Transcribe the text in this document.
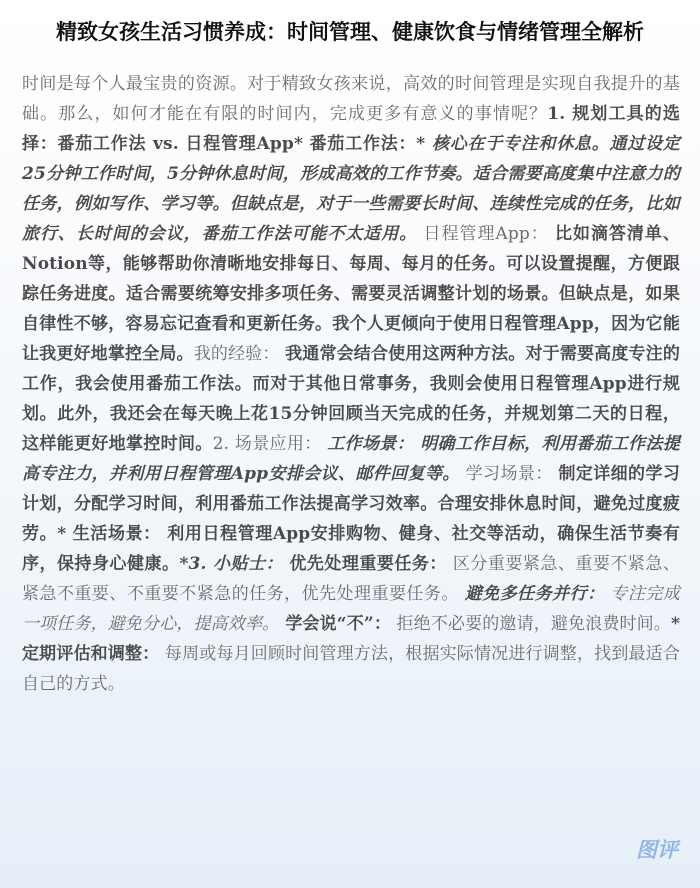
精致女孩生活习惯养成：时间管理、健康饮食与情绪管理全解析
时间是每个人最宝贵的资源。对于精致女孩来说，高效的时间管理是实现自我提升的基础。那么，如何才能在有限的时间内，完成更多有意义的事情呢？1. 规划工具的选择：番茄工作法 vs. 日程管理App* 番茄工作法：* 核心在于专注和休息。通过设定25分钟工作时间，5分钟休息时间，形成高效的工作节奏。适合需要高度集中注意力的任务，例如写作、学习等。但缺点是，对于一些需要长时间、连续性完成的任务，比如旅行、长时间的会议，番茄工作法可能不太适用。 日程管理App： 比如滴答清单、Notion等，能够帮助你清晰地安排每日、每周、每月的任务。可以设置提醒，方便跟踪任务进度。适合需要统筹安排多项任务、需要灵活调整计划的场景。但缺点是，如果自律性不够，容易忘记查看和更新任务。我个人更倾向于使用日程管理App，因为它能让我更好地掌控全局。我的经验： 我通常会结合使用这两种方法。对于需要高度专注的工作，我会使用番茄工作法。而对于其他日常事务，我则会使用日程管理App进行规划。此外，我还会在每天晚上花15分钟回顾当天完成的任务，并规划第二天的日程，这样能更好地掌控时间。2. 场景应用： 工作场景： 明确工作目标，利用番茄工作法提高专注力，并利用日程管理App安排会议、邮件回复等。 学习场景： 制定详细的学习计划，分配学习时间，利用番茄工作法提高学习效率。合理安排休息时间，避免过度疲劳。* 生活场景： 利用日程管理App安排购物、健身、社交等活动，确保生活节奏有序，保持身心健康。*3. 小贴士： 优先处理重要任务： 区分重要紧急、重要不紧急、紧急不重要、不重要不紧急的任务，优先处理重要任务。 避免多任务并行： 专注完成一项任务，避免分心，提高效率。 学会说“不”： 拒绝不必要的邀请，避免浪费时间。* 定期评估和调整： 每周或每月回顾时间管理方法，根据实际情况进行调整，找到最适合自己的方式。
图评
